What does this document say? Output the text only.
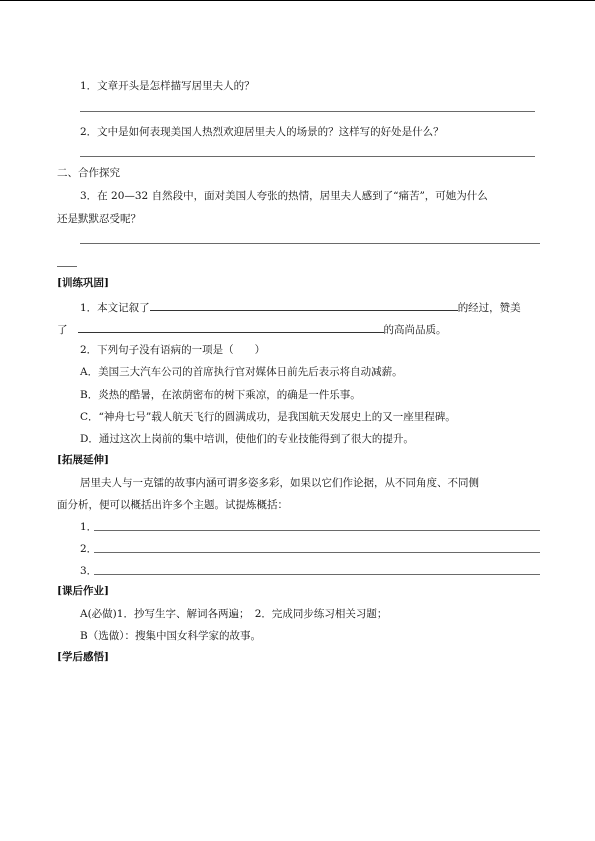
1．文章开头是怎样描写居里夫人的？
2．文中是如何表现美国人热烈欢迎居里夫人的场景的？这样写的好处是什么？
二、合作探究
3．在 20—32 自然段中，面对美国人夸张的热情，居里夫人感到了“痛苦”，可她为什么
还是默默忍受呢？
[训练巩固]
1．本文记叙了	的经过，赞美
了	的高尚品质。
2．下列句子没有语病的一项是（　　）
A．美国三大汽车公司的首席执行官对媒体日前先后表示将自动减薪。
B．炎热的酷暑，在浓荫密布的树下乘凉，的确是一件乐事。
C．“神舟七号”载人航天飞行的圆满成功，是我国航天发展史上的又一座里程碑。
D．通过这次上岗前的集中培训，使他们的专业技能得到了很大的提升。
[拓展延伸]
居里夫人与一克镭的故事内涵可谓多姿多彩，如果以它们作论据，从不同角度、不同侧
面分析，便可以概括出许多个主题。试提炼概括：
1．
2．
3．
[课后作业]
A(必做)1．抄写生字、解词各两遍；　2．完成同步练习相关习题；
B（选做）：搜集中国女科学家的故事。
[学后感悟]
